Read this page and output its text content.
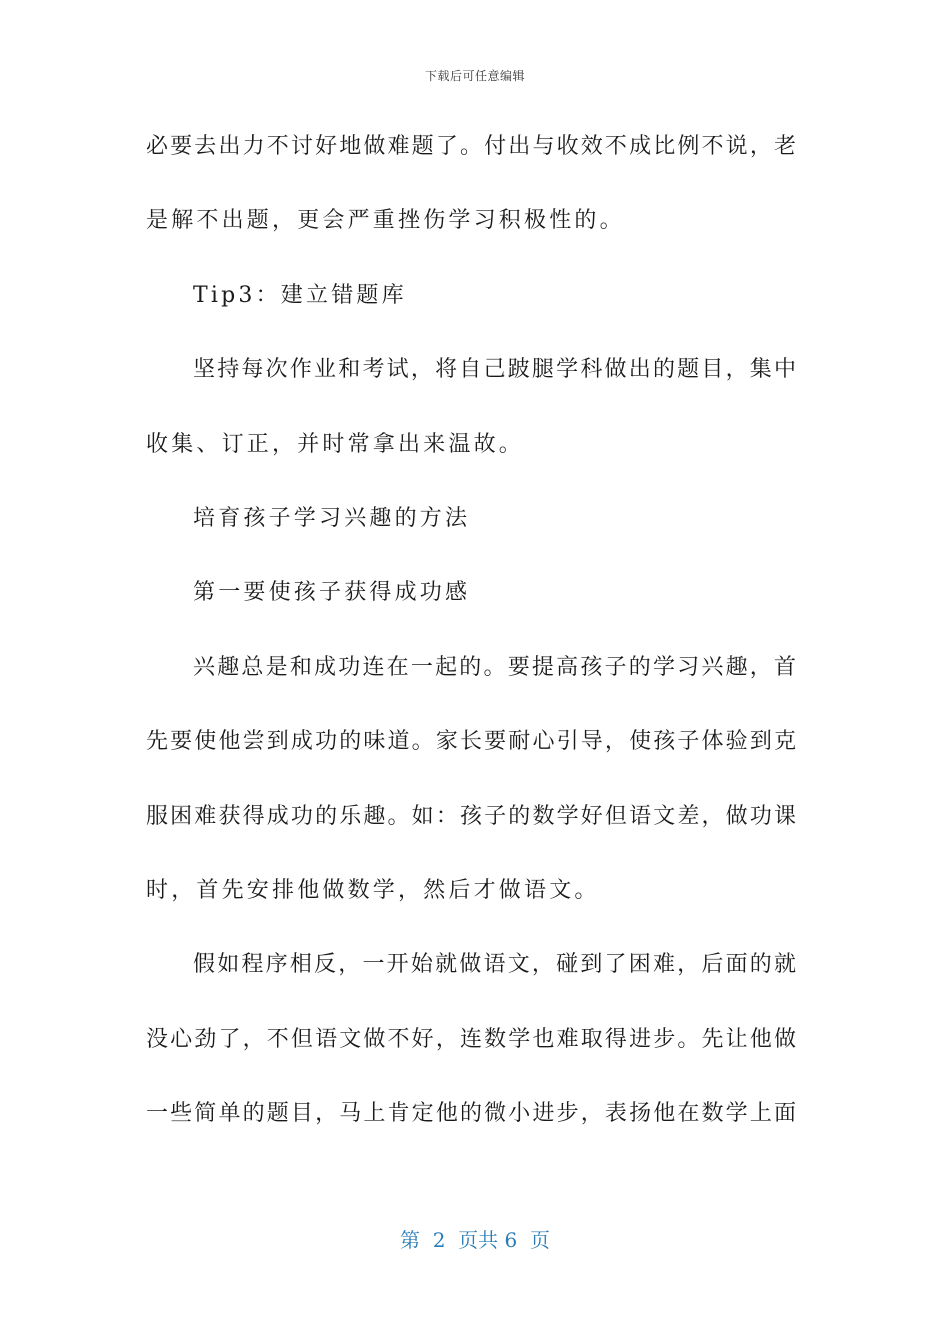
下载后可任意编辑
必要去出力不讨好地做难题了。付出与收效不成比例不说，老
是解不出题，更会严重挫伤学习积极性的。
Tip3：建立错题库
坚持每次作业和考试，将自己跛腿学科做出的题目，集中
收集、订正，并时常拿出来温故。
培育孩子学习兴趣的方法
第一要使孩子获得成功感
兴趣总是和成功连在一起的。要提高孩子的学习兴趣，首
先要使他尝到成功的味道。家长要耐心引导，使孩子体验到克
服困难获得成功的乐趣。如：孩子的数学好但语文差，做功课
时，首先安排他做数学，然后才做语文。
假如程序相反，一开始就做语文，碰到了困难，后面的就
没心劲了，不但语文做不好，连数学也难取得进步。先让他做
一些简单的题目，马上肯定他的微小进步，表扬他在数学上面
第  2  页共 6  页
